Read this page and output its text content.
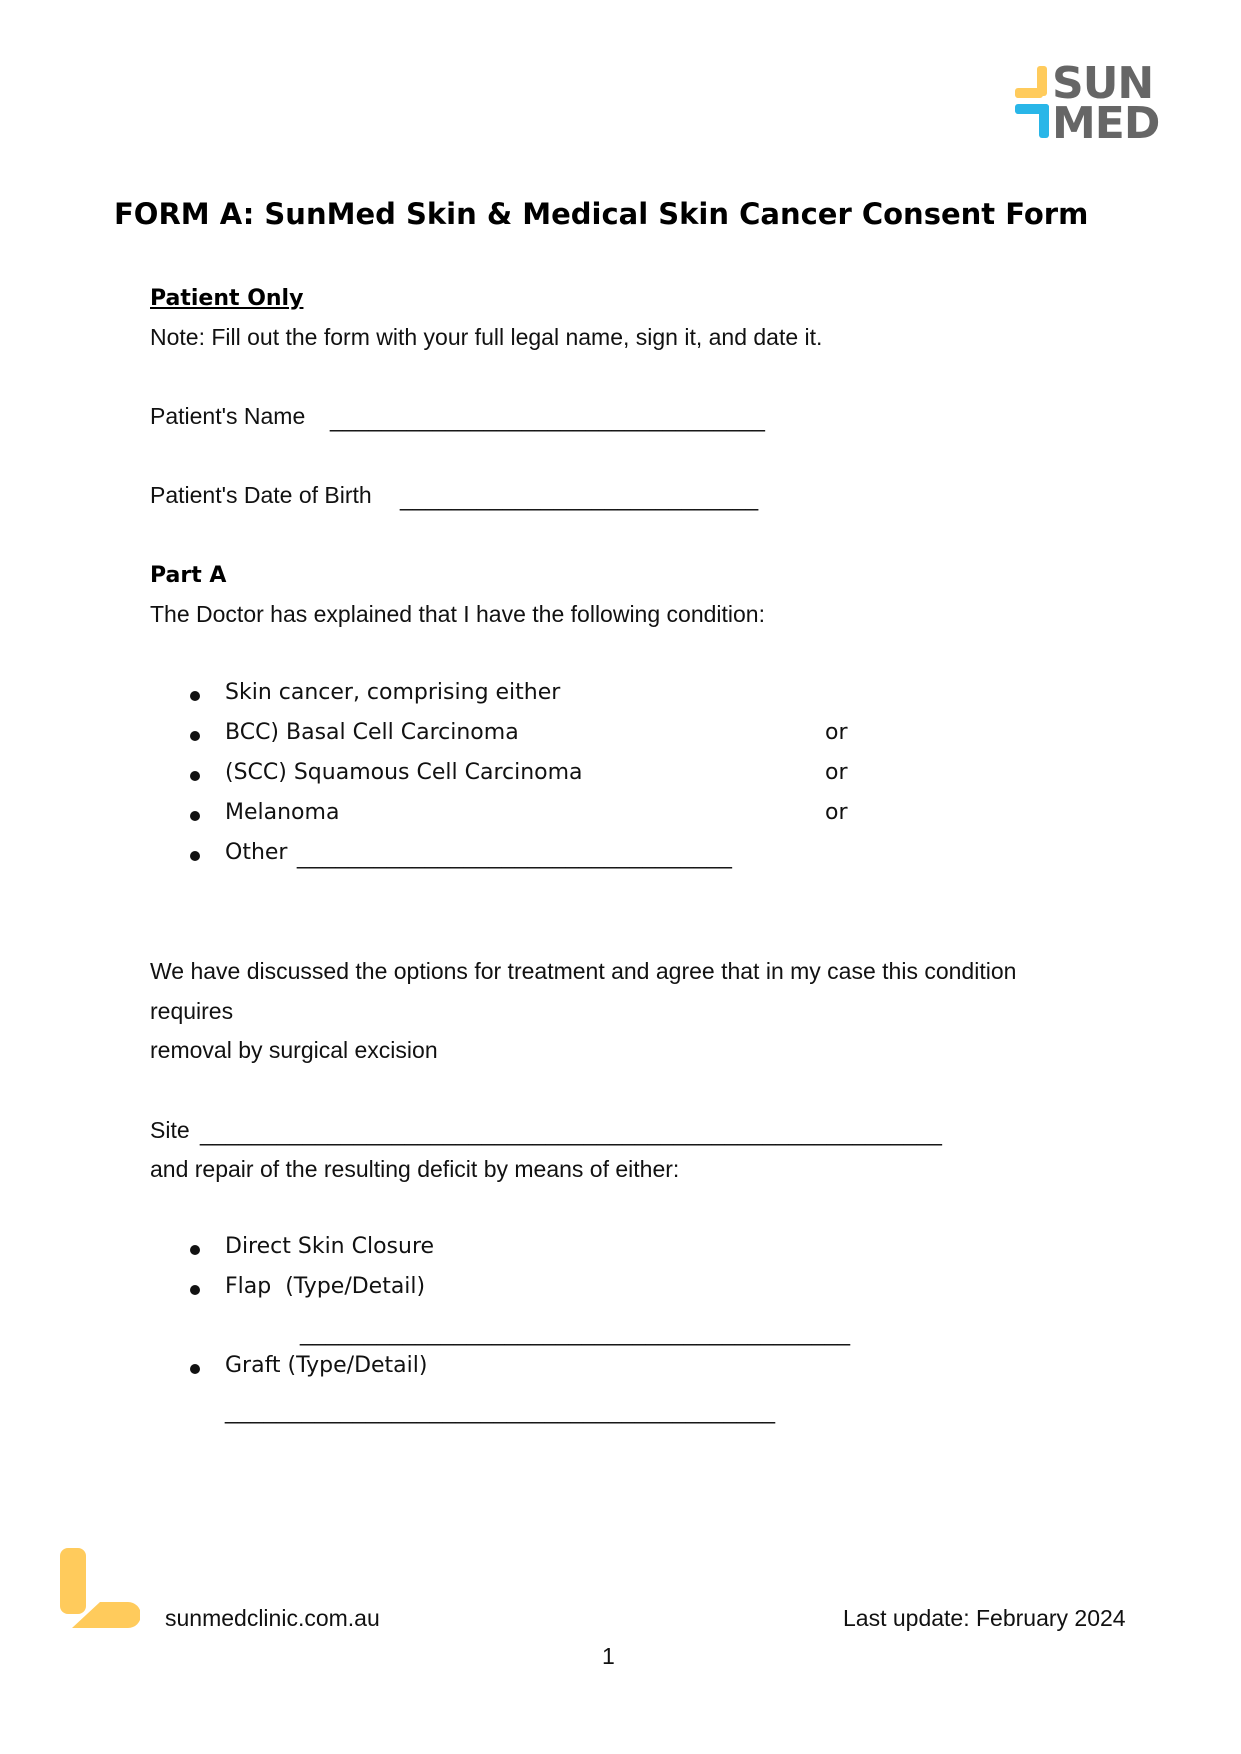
SUN
MED
FORM A: SunMed Skin & Medical Skin Cancer Consent Form
Patient Only
Note: Fill out the form with your full legal name, sign it, and date it.
Patient's Name __________________________________
Patient's Date of Birth ____________________________
Part A
The Doctor has explained that I have the following condition:
Skin cancer, comprising either
BCC) Basal Cell Carcinoma	or
(SCC) Squamous Cell Carcinoma	or
Melanoma	or
Other __________________________________
We have discussed the options for treatment and agree that in my case this condition
requires
removal by surgical excision
Site __________________________________________________________
and repair of the resulting deficit by means of either:
Direct Skin Closure
Flap  (Type/Detail)
___________________________________________
Graft (Type/Detail)
___________________________________________
sunmedclinic.com.au	Last update: February 2024
1
